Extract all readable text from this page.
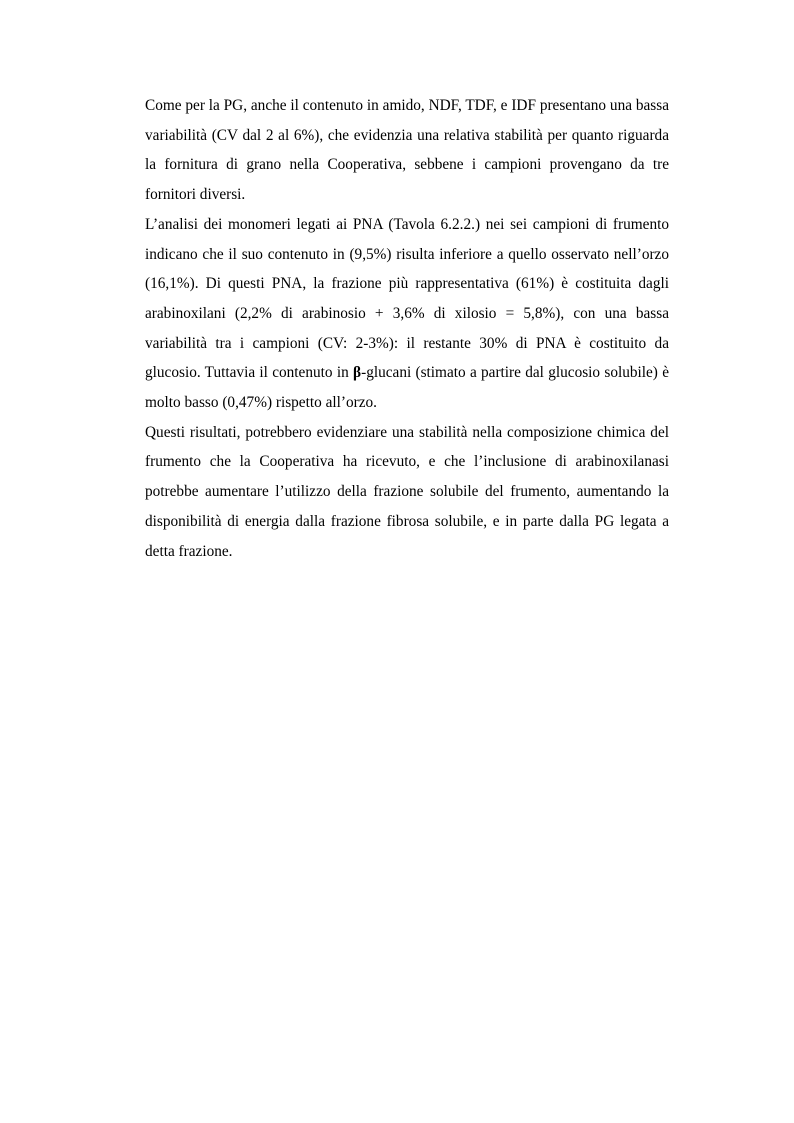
Come per la PG, anche il contenuto in amido, NDF, TDF, e IDF presentano una bassa variabilità (CV dal 2 al 6%), che evidenzia una relativa stabilità per quanto riguarda la fornitura di grano nella Cooperativa, sebbene i campioni provengano da tre fornitori diversi.

L’analisi dei monomeri legati ai PNA (Tavola 6.2.2.) nei sei campioni di frumento indicano che il suo contenuto in (9,5%) risulta inferiore a quello osservato nell’orzo (16,1%). Di questi PNA, la frazione più rappresentativa (61%) è costituita dagli arabinoxilani (2,2% di arabinosio + 3,6% di xilosio = 5,8%), con una bassa variabilità tra i campioni (CV: 2-3%): il restante 30% di PNA è costituito da glucosio. Tuttavia il contenuto in β-glucani (stimato a partire dal glucosio solubile) è molto basso (0,47%) rispetto all’orzo.

Questi risultati, potrebbero evidenziare una stabilità nella composizione chimica del frumento che la Cooperativa ha ricevuto, e che l’inclusione di arabinoxilanasi potrebbe aumentare l’utilizzo della frazione solubile del frumento, aumentando la disponibilità di energia dalla frazione fibrosa solubile, e in parte dalla PG legata a detta frazione.
